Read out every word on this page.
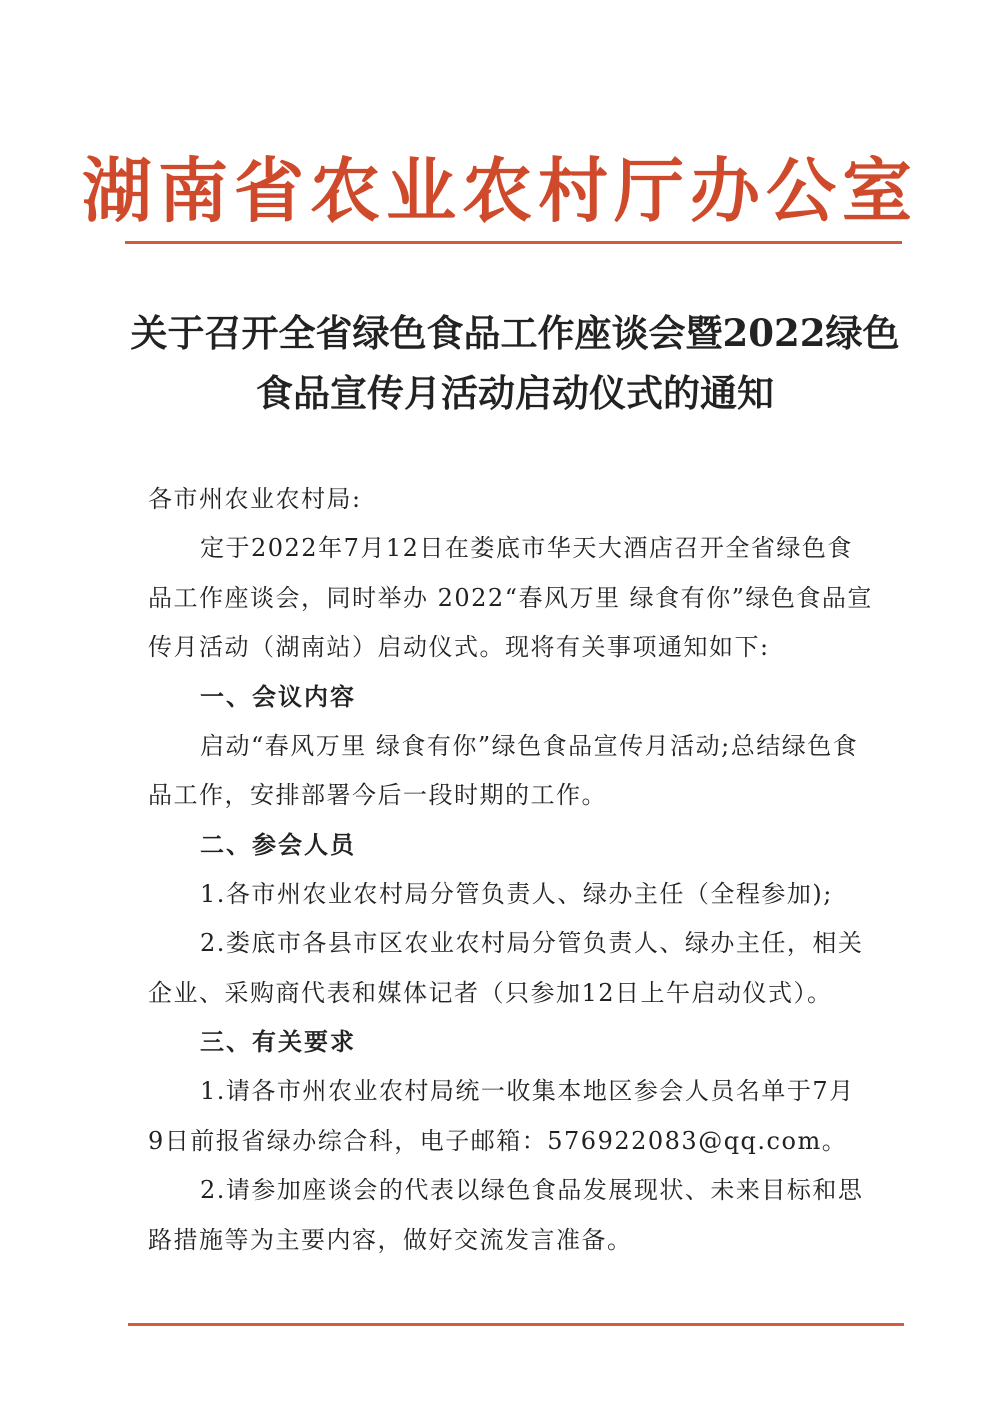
湖南省农业农村厅办公室
关于召开全省绿色食品工作座谈会暨2022绿色
食品宣传月活动启动仪式的通知
各市州农业农村局:
定于2022年7月12日在娄底市华天大酒店召开全省绿色食
品工作座谈会，同时举办 2022“春风万里 绿食有你”绿色食品宣
传月活动（湖南站）启动仪式。现将有关事项通知如下:
一、会议内容
启动“春风万里 绿食有你”绿色食品宣传月活动;总结绿色食
品工作，安排部署今后一段时期的工作。
二、参会人员
1.各市州农业农村局分管负责人、绿办主任（全程参加);
2.娄底市各县市区农业农村局分管负责人、绿办主任，相关
企业、采购商代表和媒体记者（只参加12日上午启动仪式）。
三、有关要求
1.请各市州农业农村局统一收集本地区参会人员名单于7月
9日前报省绿办综合科，电子邮箱：576922083@qq.com。
2.请参加座谈会的代表以绿色食品发展现状、未来目标和思
路措施等为主要内容，做好交流发言准备。
